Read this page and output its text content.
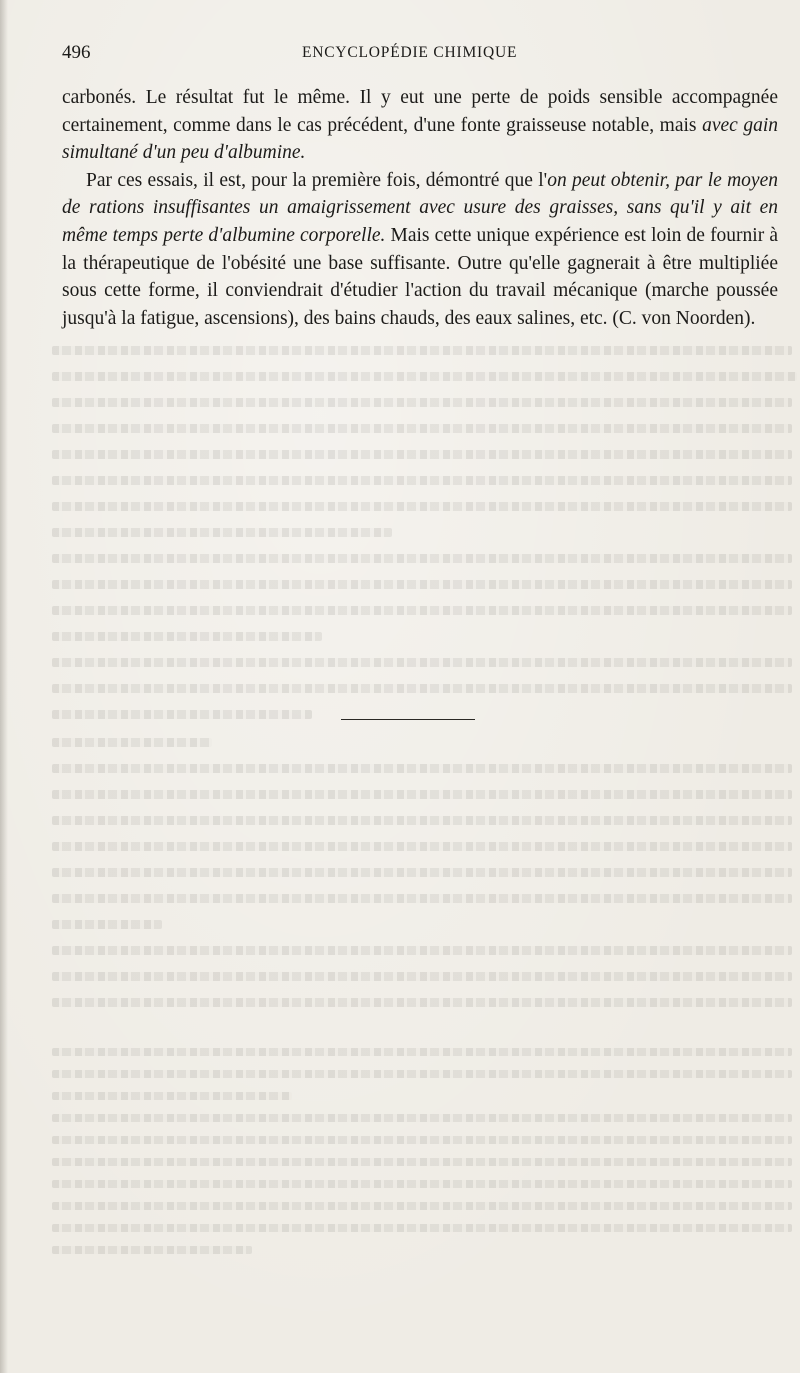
496	ENCYCLOPÉDIE CHIMIQUE

carbonés. Le résultat fut le même. Il y eut une perte de poids sensible accompagnée certainement, comme dans le cas précédent, d'une fonte graisseuse notable, mais avec gain simultané d'un peu d'albumine.

Par ces essais, il est, pour la première fois, démontré que l'on peut obtenir, par le moyen de rations insuffisantes un amaigrissement avec usure des graisses, sans qu'il y ait en même temps perte d'albumine corporelle. Mais cette unique expérience est loin de fournir à la thérapeutique de l'obésité une base suffisante. Outre qu'elle gagnerait à être multipliée sous cette forme, il conviendrait d'étudier l'action du travail mécanique (marche poussée jusqu'à la fatigue, ascensions), des bains chauds, des eaux salines, etc. (C. von Noorden).
